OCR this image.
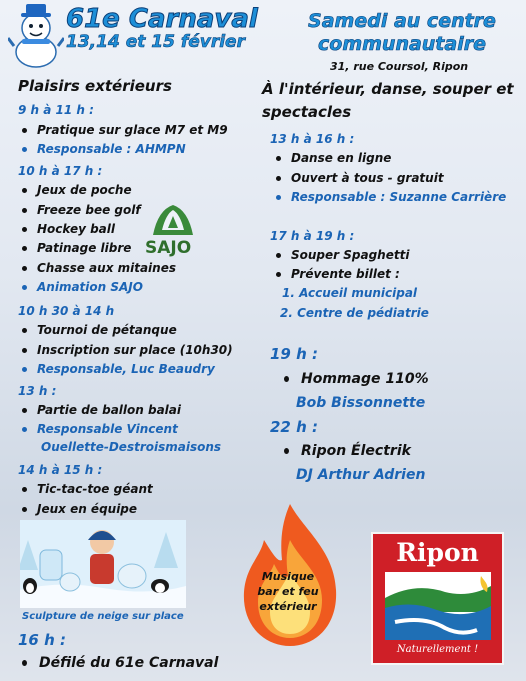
61e Carnaval
13,14 et 15 février
Samedi au centre
communautaire
31, rue Coursol, Ripon
Plaisirs extérieurs
9 h à 11 h :
Pratique sur glace M7 et M9
Responsable : AHMPN
10 h à 17 h :
Jeux de poche
Freeze bee golf
Hockey ball
Patinage libre
Chasse aux mitaines
Animation SAJO
SAJO
10 h 30 à 14 h
Tournoi de pétanque
Inscription sur place (10h30)
Responsable, Luc Beaudry
13 h :
Partie de ballon balai
Responsable Vincent
Ouellette-Destroismaisons
14 h à 15 h :
Tic-tac-toe géant
Jeux en équipe
Sculpture de neige sur place
16 h :
Défilé du 61e Carnaval
À l'intérieur, danse, souper et
spectacles
13 h à 16 h :
Danse en ligne
Ouvert à tous - gratuit
Responsable : Suzanne Carrière
17 h à 19 h :
Souper Spaghetti
Prévente billet :
1. Accueil municipal
2. Centre de pédiatrie
19 h :
Hommage 110%
Bob Bissonnette
22 h :
Ripon Électrik
DJ Arthur Adrien
Musique
bar et feu
extérieur
Ripon
Naturellement !
